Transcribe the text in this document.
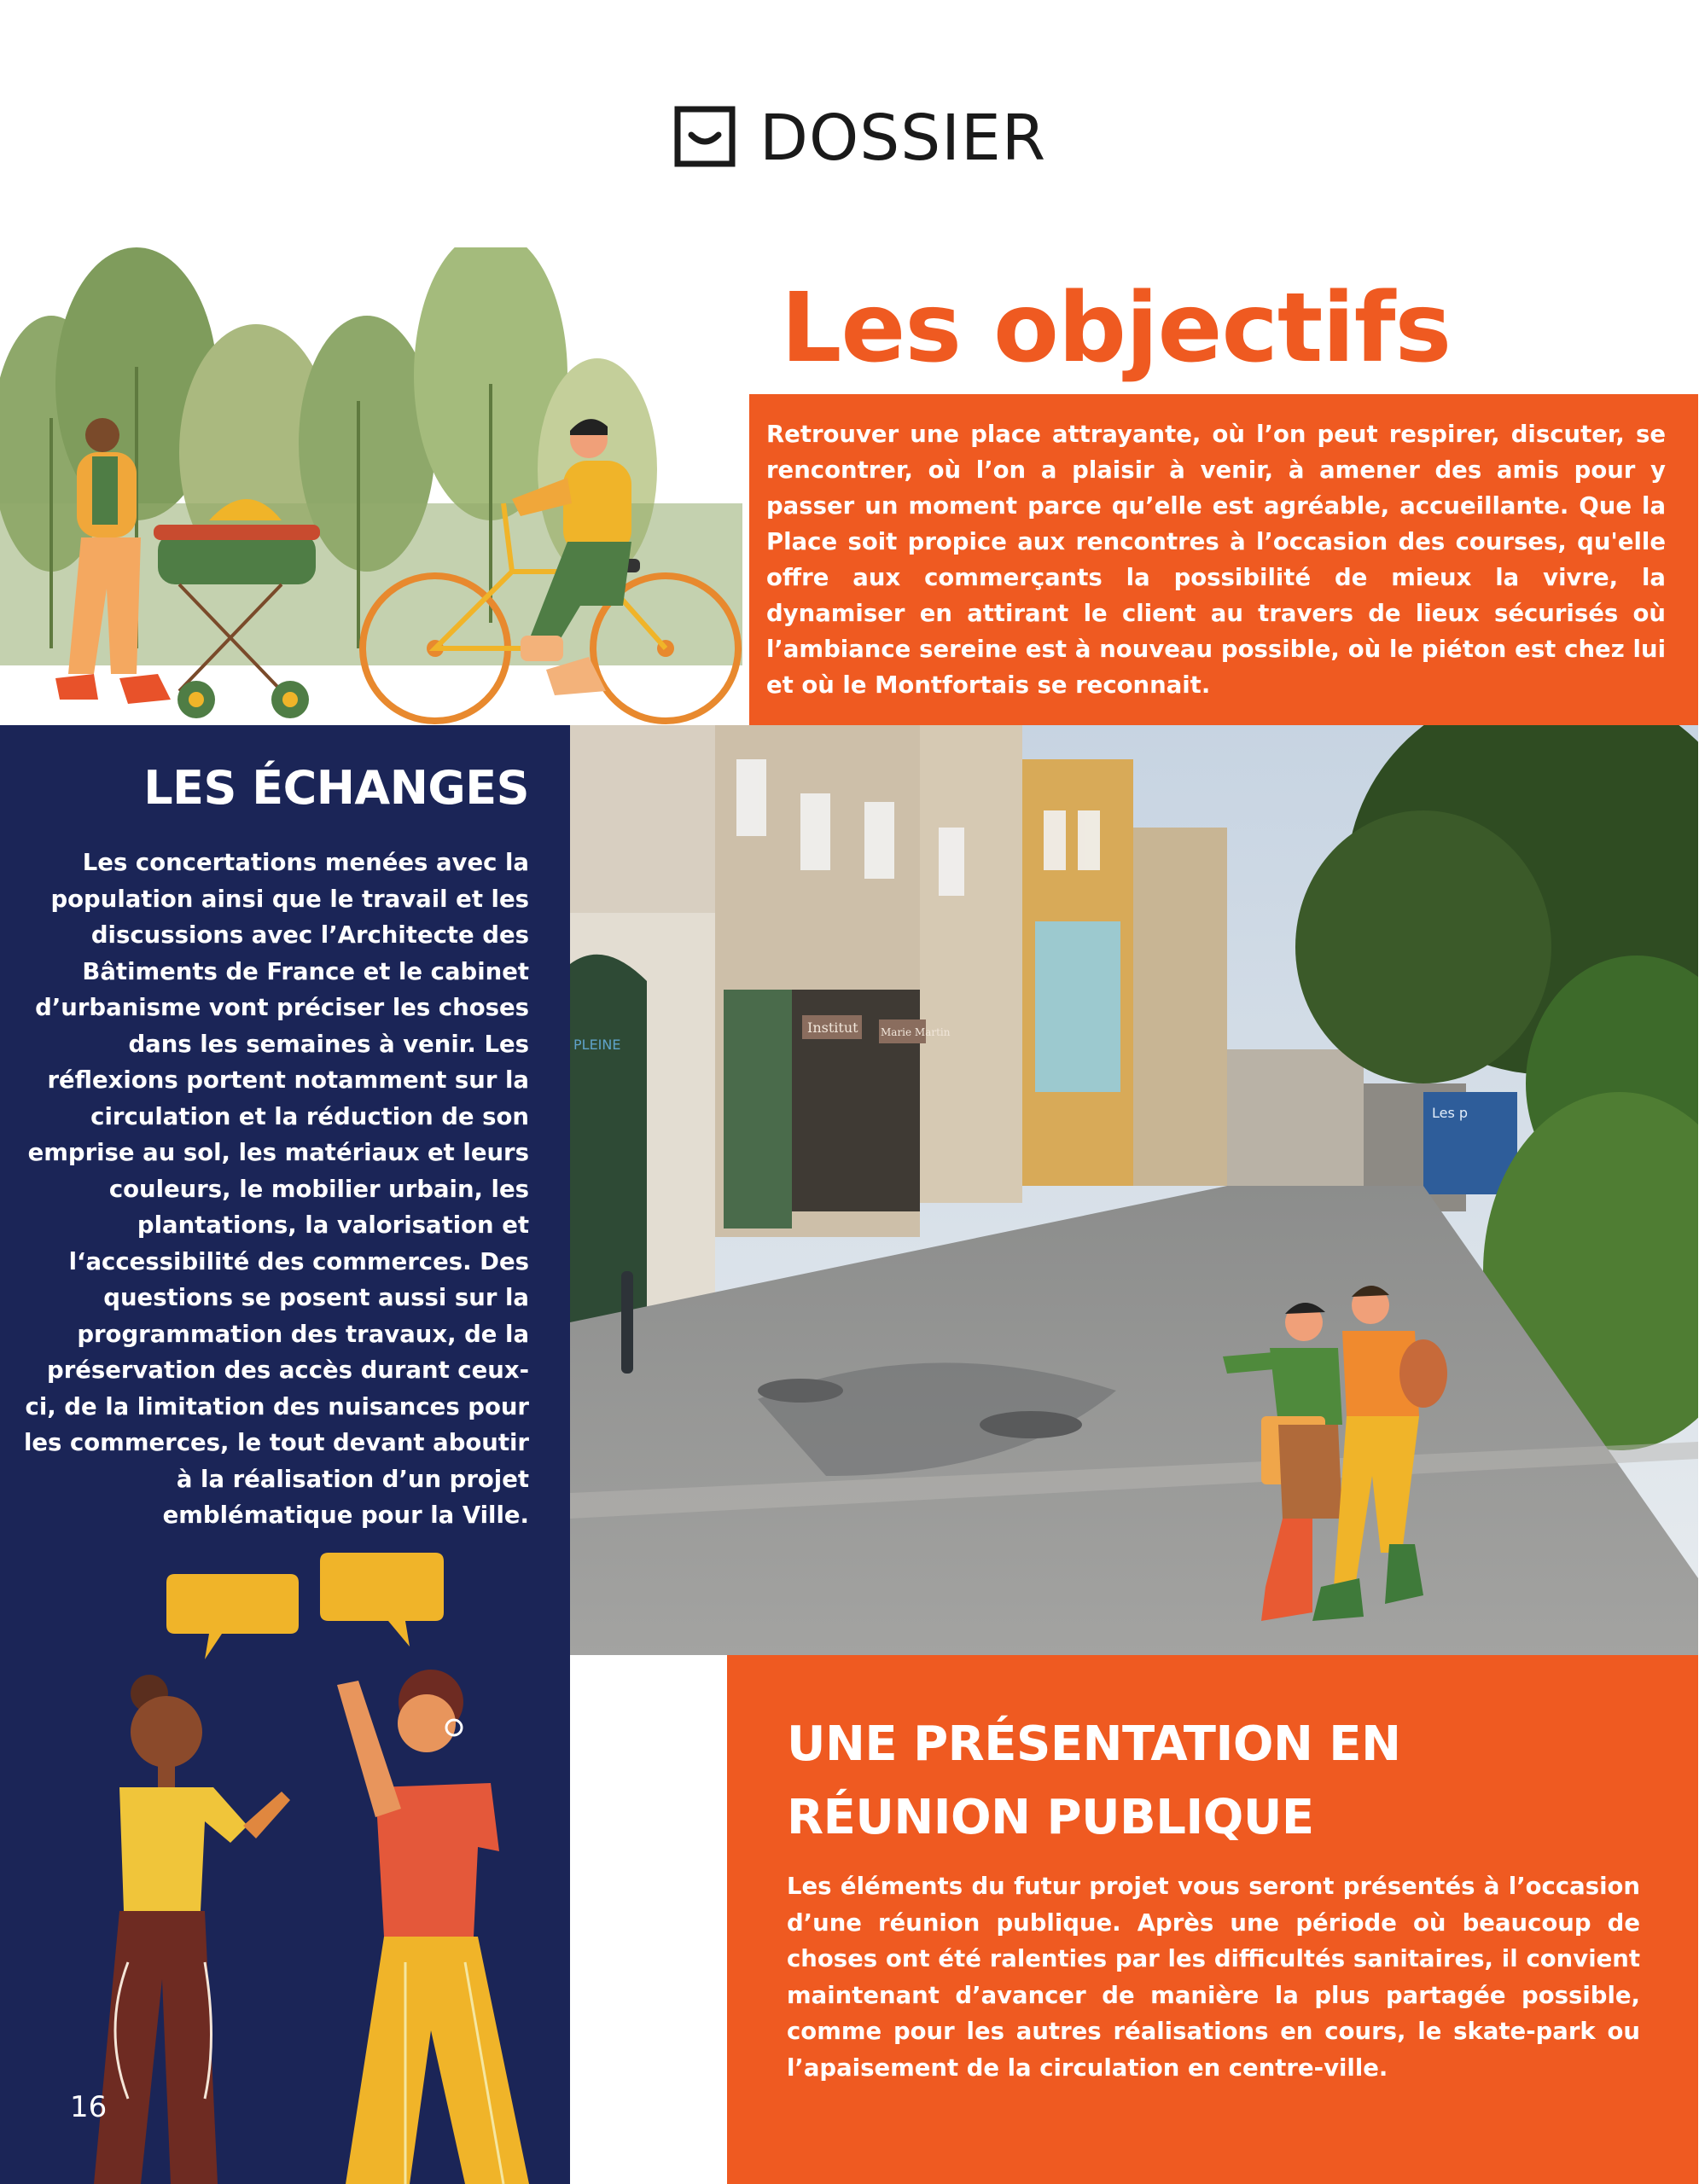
DOSSIER
Les objectifs

Retrouver une place attrayante, où l’on peut respirer, discuter, se rencontrer, où l’on a plaisir à venir, à amener des amis pour y passer un moment parce qu’elle est agréable, accueillante. Que la Place soit propice aux rencontres à l’occasion des courses, qu'elle offre aux commerçants la possibilité de mieux la vivre, la dynamiser en attirant le client au travers de lieux sécurisés où l’ambiance sereine est à nouveau possible, où le piéton est chez lui et où le Montfortais se reconnait.

LES ÉCHANGES

Les concertations menées avec la population ainsi que le travail et les discussions avec l’Architecte des Bâtiments de France et le cabinet d’urbanisme vont préciser les choses dans les semaines à venir. Les réflexions portent notamment sur la circulation et la réduction de son emprise au sol, les matériaux et leurs couleurs, le mobilier urbain, les plantations, la valorisation et l‘accessibilité des commerces. Des questions se posent aussi sur la programmation des travaux, de la préservation des accès durant ceux-ci, de la limitation des nuisances pour les commerces, le tout devant aboutir à la réalisation d’un projet emblématique pour la Ville.

16
Institut Marie Martin
PLEINE
Les p
UNE PRÉSENTATION EN RÉUNION PUBLIQUE

Les éléments du futur projet vous seront présentés à l’occasion d’une réunion publique. Après une période où beaucoup de choses ont été ralenties par les difficultés sanitaires, il convient maintenant d’avancer de manière la plus partagée possible, comme pour les autres réalisations en cours, le skate-park ou l’apaisement de la circulation en centre-ville.
